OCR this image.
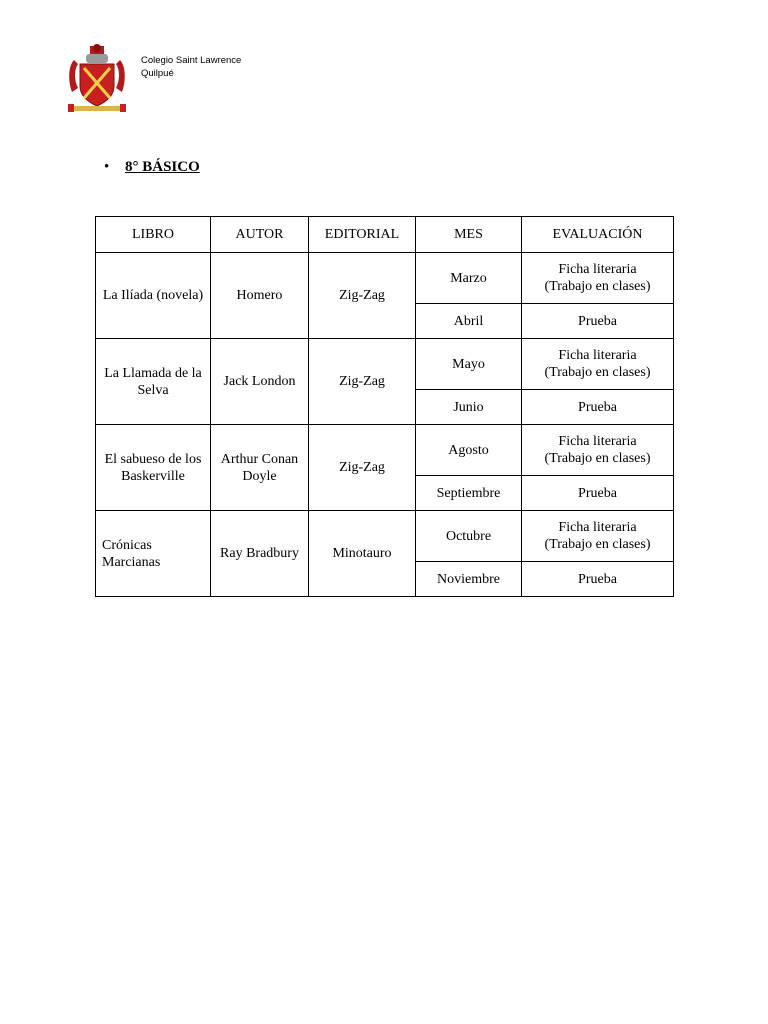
Colegio Saint Lawrence
Quilpué
• 8° BÁSICO
LIBRO	AUTOR	EDITORIAL	MES	EVALUACIÓN
La Ilíada (novela)	Homero	Zig-Zag	Marzo	Ficha literaria
(Trabajo en clases)

			Abril	Prueba
La Llamada de la Selva	Jack London	Zig-Zag	Mayo	Ficha literaria
(Trabajo en clases)

			Junio	Prueba
El sabueso de los Baskerville	Arthur Conan Doyle	Zig-Zag	Agosto	Ficha literaria
(Trabajo en clases)

			Septiembre	Prueba
Crónicas Marcianas	Ray Bradbury	Minotauro	Octubre	Ficha literaria
(Trabajo en clases)

			Noviembre	Prueba
